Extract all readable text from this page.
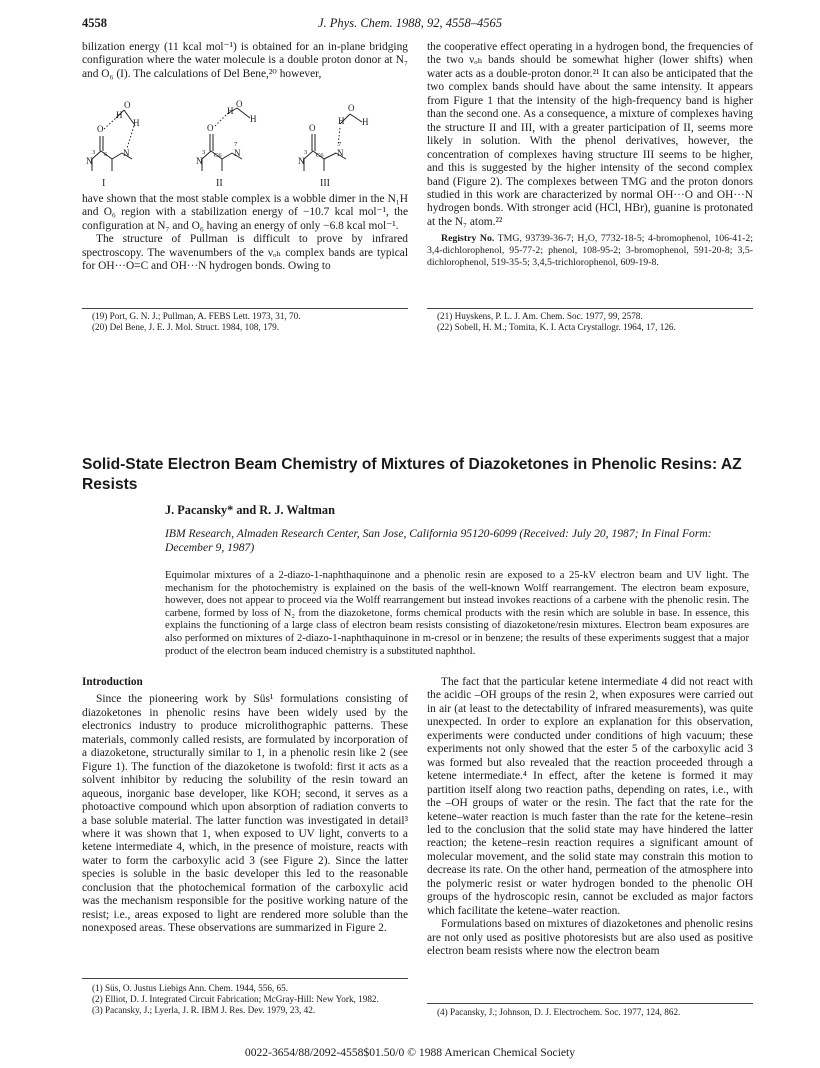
4558	J. Phys. Chem. 1988, 92, 4558–4565

bilization energy (11 kcal mol⁻¹) is obtained for an in-plane bridging configuration where the water molecule is a double proton donor at N₇ and O₆ (I). The calculations of Del Bene,²⁰ however,

O
O
H
H
N
N
O
O
H
H
N
N
O
O
H H
N
N
3 6	3 C6
7
3 C6
7
I	II	III

have shown that the most stable complex is a wobble dimer in the N₁H and O₆ region with a stabilization energy of −10.7 kcal mol⁻¹, the configuration at N₇ and O₆ having an energy of only −6.8 kcal mol⁻¹.

The structure of Pullman is difficult to prove by infrared spectroscopy. The wavenumbers of the νₒₕ complex bands are typical for OH···O=C and OH···N hydrogen bonds. Owing to

(19) Port, G. N. J.; Pullman, A. FEBS Lett. 1973, 31, 70.

(20) Del Bene, J. E. J. Mol. Struct. 1984, 108, 179.

the cooperative effect operating in a hydrogen bond, the frequencies of the two νₒₕ bands should be somewhat higher (lower shifts) when water acts as a double-proton donor.²¹ It can also be anticipated that the two complex bands should have about the same intensity. It appears from Figure 1 that the intensity of the high-frequency band is higher than the second one. As a consequence, a mixture of complexes having the structure II and III, with a greater participation of II, seems more likely in solution. With the phenol derivatives, however, the concentration of complexes having structure III seems to be higher, and this is suggested by the higher intensity of the second complex band (Figure 2). The complexes between TMG and the proton donors studied in this work are characterized by normal OH···O and OH···N hydrogen bonds. With stronger acid (HCl, HBr), guanine is protonated at the N₇ atom.²²

Registry No. TMG, 93739-36-7; H₂O, 7732-18-5; 4-bromophenol, 106-41-2; 3,4-dichlorophenol, 95-77-2; phenol, 108-95-2; 3-bromophenol, 591-20-8; 3,5-dichlorophenol, 519-35-5; 3,4,5-trichlorophenol, 609-19-8.

(21) Huyskens, P. L. J. Am. Chem. Soc. 1977, 99, 2578.

(22) Sobell, H. M.; Tomita, K. I. Acta Crystallogr. 1964, 17, 126.

Solid-State Electron Beam Chemistry of Mixtures of Diazoketones in Phenolic Resins: AZ Resists
J. Pacansky* and R. J. Waltman
IBM Research, Almaden Research Center, San Jose, California 95120-6099 (Received: July 20, 1987; In Final Form: December 9, 1987)
Equimolar mixtures of a 2-diazo-1-naphthaquinone and a phenolic resin are exposed to a 25-kV electron beam and UV light. The mechanism for the photochemistry is explained on the basis of the well-known Wolff rearrangement. The electron beam exposure, however, does not appear to proceed via the Wolff rearrangement but instead invokes reactions of a carbene with the phenolic resin. The carbene, formed by loss of N₂ from the diazoketone, forms chemical products with the resin which are soluble in base. In essence, this explains the functioning of a large class of electron beam resists consisting of diazoketone/resin mixtures. Electron beam exposures are also performed on mixtures of 2-diazo-1-naphthaquinone in m-cresol or in benzene; the results of these experiments suggest that a major product of the electron beam induced chemistry is a substituted naphthol.

Introduction

Since the pioneering work by Süs¹ formulations consisting of diazoketones in phenolic resins have been widely used by the electronics industry to produce microlithographic patterns. These materials, commonly called resists, are formulated by incorporation of a diazoketone, structurally similar to 1, in a phenolic resin like 2 (see Figure 1). The function of the diazoketone is twofold: first it acts as a solvent inhibitor by reducing the solubility of the resin toward an aqueous, inorganic base developer, like KOH; second, it serves as a photoactive compound which upon absorption of radiation converts to a base soluble material. The latter function was investigated in detail³ where it was shown that 1, when exposed to UV light, converts to a ketene intermediate 4, which, in the presence of moisture, reacts with water to form the carboxylic acid 3 (see Figure 2). Since the latter species is soluble in the basic developer this led to the reasonable conclusion that the photochemical formation of the carboxylic acid was the mechanism responsible for the positive working nature of the resist; i.e., areas exposed to light are rendered more soluble than the nonexposed areas. These observations are summarized in Figure 2.

(1) Süs, O. Justus Liebigs Ann. Chem. 1944, 556, 65.

(2) Elliot, D. J. Integrated Circuit Fabrication; McGray-Hill: New York, 1982.

(3) Pacansky, J.; Lyerla, J. R. IBM J. Res. Dev. 1979, 23, 42.

The fact that the particular ketene intermediate 4 did not react with the acidic –OH groups of the resin 2, when exposures were carried out in air (at least to the detectability of infrared measurements), was quite unexpected. In order to explore an explanation for this observation, experiments were conducted under conditions of high vacuum; these experiments not only showed that the ester 5 of the carboxylic acid 3 was formed but also revealed that the reaction proceeded through a ketene intermediate.⁴ In effect, after the ketene is formed it may partition itself along two reaction paths, depending on rates, i.e., with the –OH groups of water or the resin. The fact that the rate for the ketene–water reaction is much faster than the rate for the ketene–resin led to the conclusion that the solid state may have hindered the latter reaction; the ketene–resin reaction requires a significant amount of molecular movement, and the solid state may constrain this motion to decrease its rate. On the other hand, permeation of the atmosphere into the polymeric resist or water hydrogen bonded to the phenolic OH groups of the hydroscopic resin, cannot be excluded as major factors which facilitate the ketene–water reaction.

Formulations based on mixtures of diazoketones and phenolic resins are not only used as positive photoresists but are also used as positive electron beam resists where now the electron beam

(4) Pacansky, J.; Johnson, D. J. Electrochem. Soc. 1977, 124, 862.

0022-3654/88/2092-4558$01.50/0 © 1988 American Chemical Society
